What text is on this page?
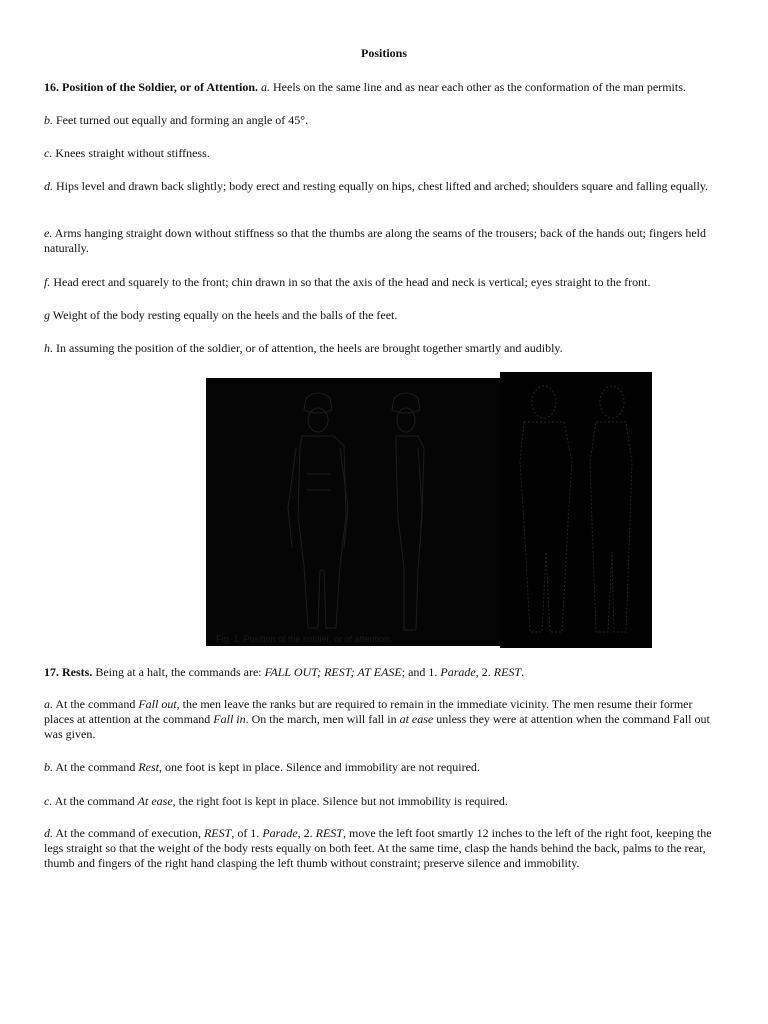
Positions

16. Position of the Soldier, or of Attention. a. Heels on the same line and as near each other as the conformation of the man permits.

b. Feet turned out equally and forming an angle of 45°.

c. Knees straight without stiffness.

d. Hips level and drawn back slightly; body erect and resting equally on hips, chest lifted and arched; shoulders square and falling equally.

e. Arms hanging straight down without stiffness so that the thumbs are along the seams of the trousers; back of the hands out; fingers held naturally.

f. Head erect and squarely to the front; chin drawn in so that the axis of the head and neck is vertical; eyes straight to the front.

g Weight of the body resting equally on the heels and the balls of the feet.

h. In assuming the position of the soldier, or of attention, the heels are brought together smartly and audibly.

Fig. 1. Position of the soldier, or of attention.

17. Rests. Being at a halt, the commands are: FALL OUT; REST; AT EASE; and 1. Parade, 2. REST.

a. At the command Fall out, the men leave the ranks but are required to remain in the immediate vicinity. The men resume their former places at attention at the command Fall in. On the march, men will fall in at ease unless they were at attention when the command Fall out was given.

b. At the command Rest, one foot is kept in place. Silence and immobility are not required.

c. At the command At ease, the right foot is kept in place. Silence but not immobility is required.

d. At the command of execution, REST, of 1. Parade, 2. REST, move the left foot smartly 12 inches to the left of the right foot, keeping the legs straight so that the weight of the body rests equally on both feet. At the same time, clasp the hands behind the back, palms to the rear, thumb and fingers of the right hand clasping the left thumb without constraint; preserve silence and immobility.
